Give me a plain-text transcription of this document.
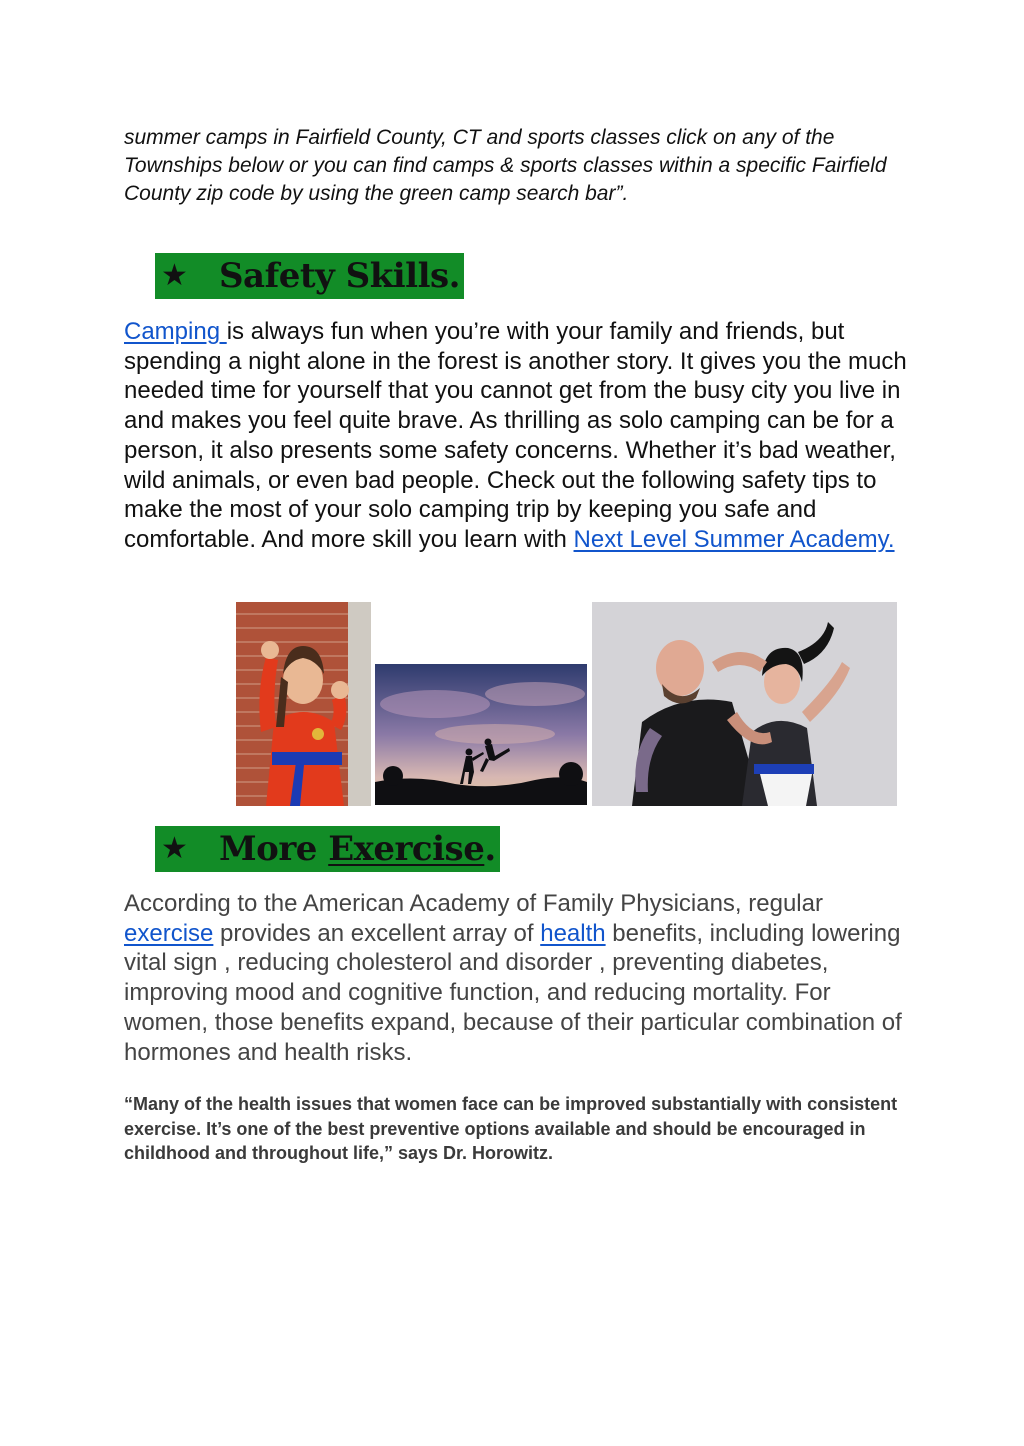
summer camps in Fairfield County, CT and sports classes click on any of the Townships below or you can find camps & sports classes within a specific Fairfield County zip code by using the green camp search bar”.

★ Safety Skills.

Camping is always fun when you’re with your family and friends, but spending a night alone in the forest is another story. It gives you the much needed time for yourself that you cannot get from the busy city you live in and makes you feel quite brave. As thrilling as solo camping can be for a person, it also presents some safety concerns. Whether it’s bad weather, wild animals, or even bad people. Check out the following safety tips to make the most of your solo camping trip by keeping you safe and comfortable. And more skill you learn with Next Level Summer Academy.

★ More
Exercise .

According to the American Academy of Family Physicians, regular exercise provides an excellent array of health benefits, including lowering vital sign , reducing cholesterol and disorder , preventing diabetes, improving mood and cognitive function, and reducing mortality. For women, those benefits expand, because of their particular combination of hormones and health risks.

“Many of the health issues that women face can be improved substantially with consistent exercise. It’s one of the best preventive options available and should be encouraged in childhood and throughout life,” says Dr. Horowitz.
